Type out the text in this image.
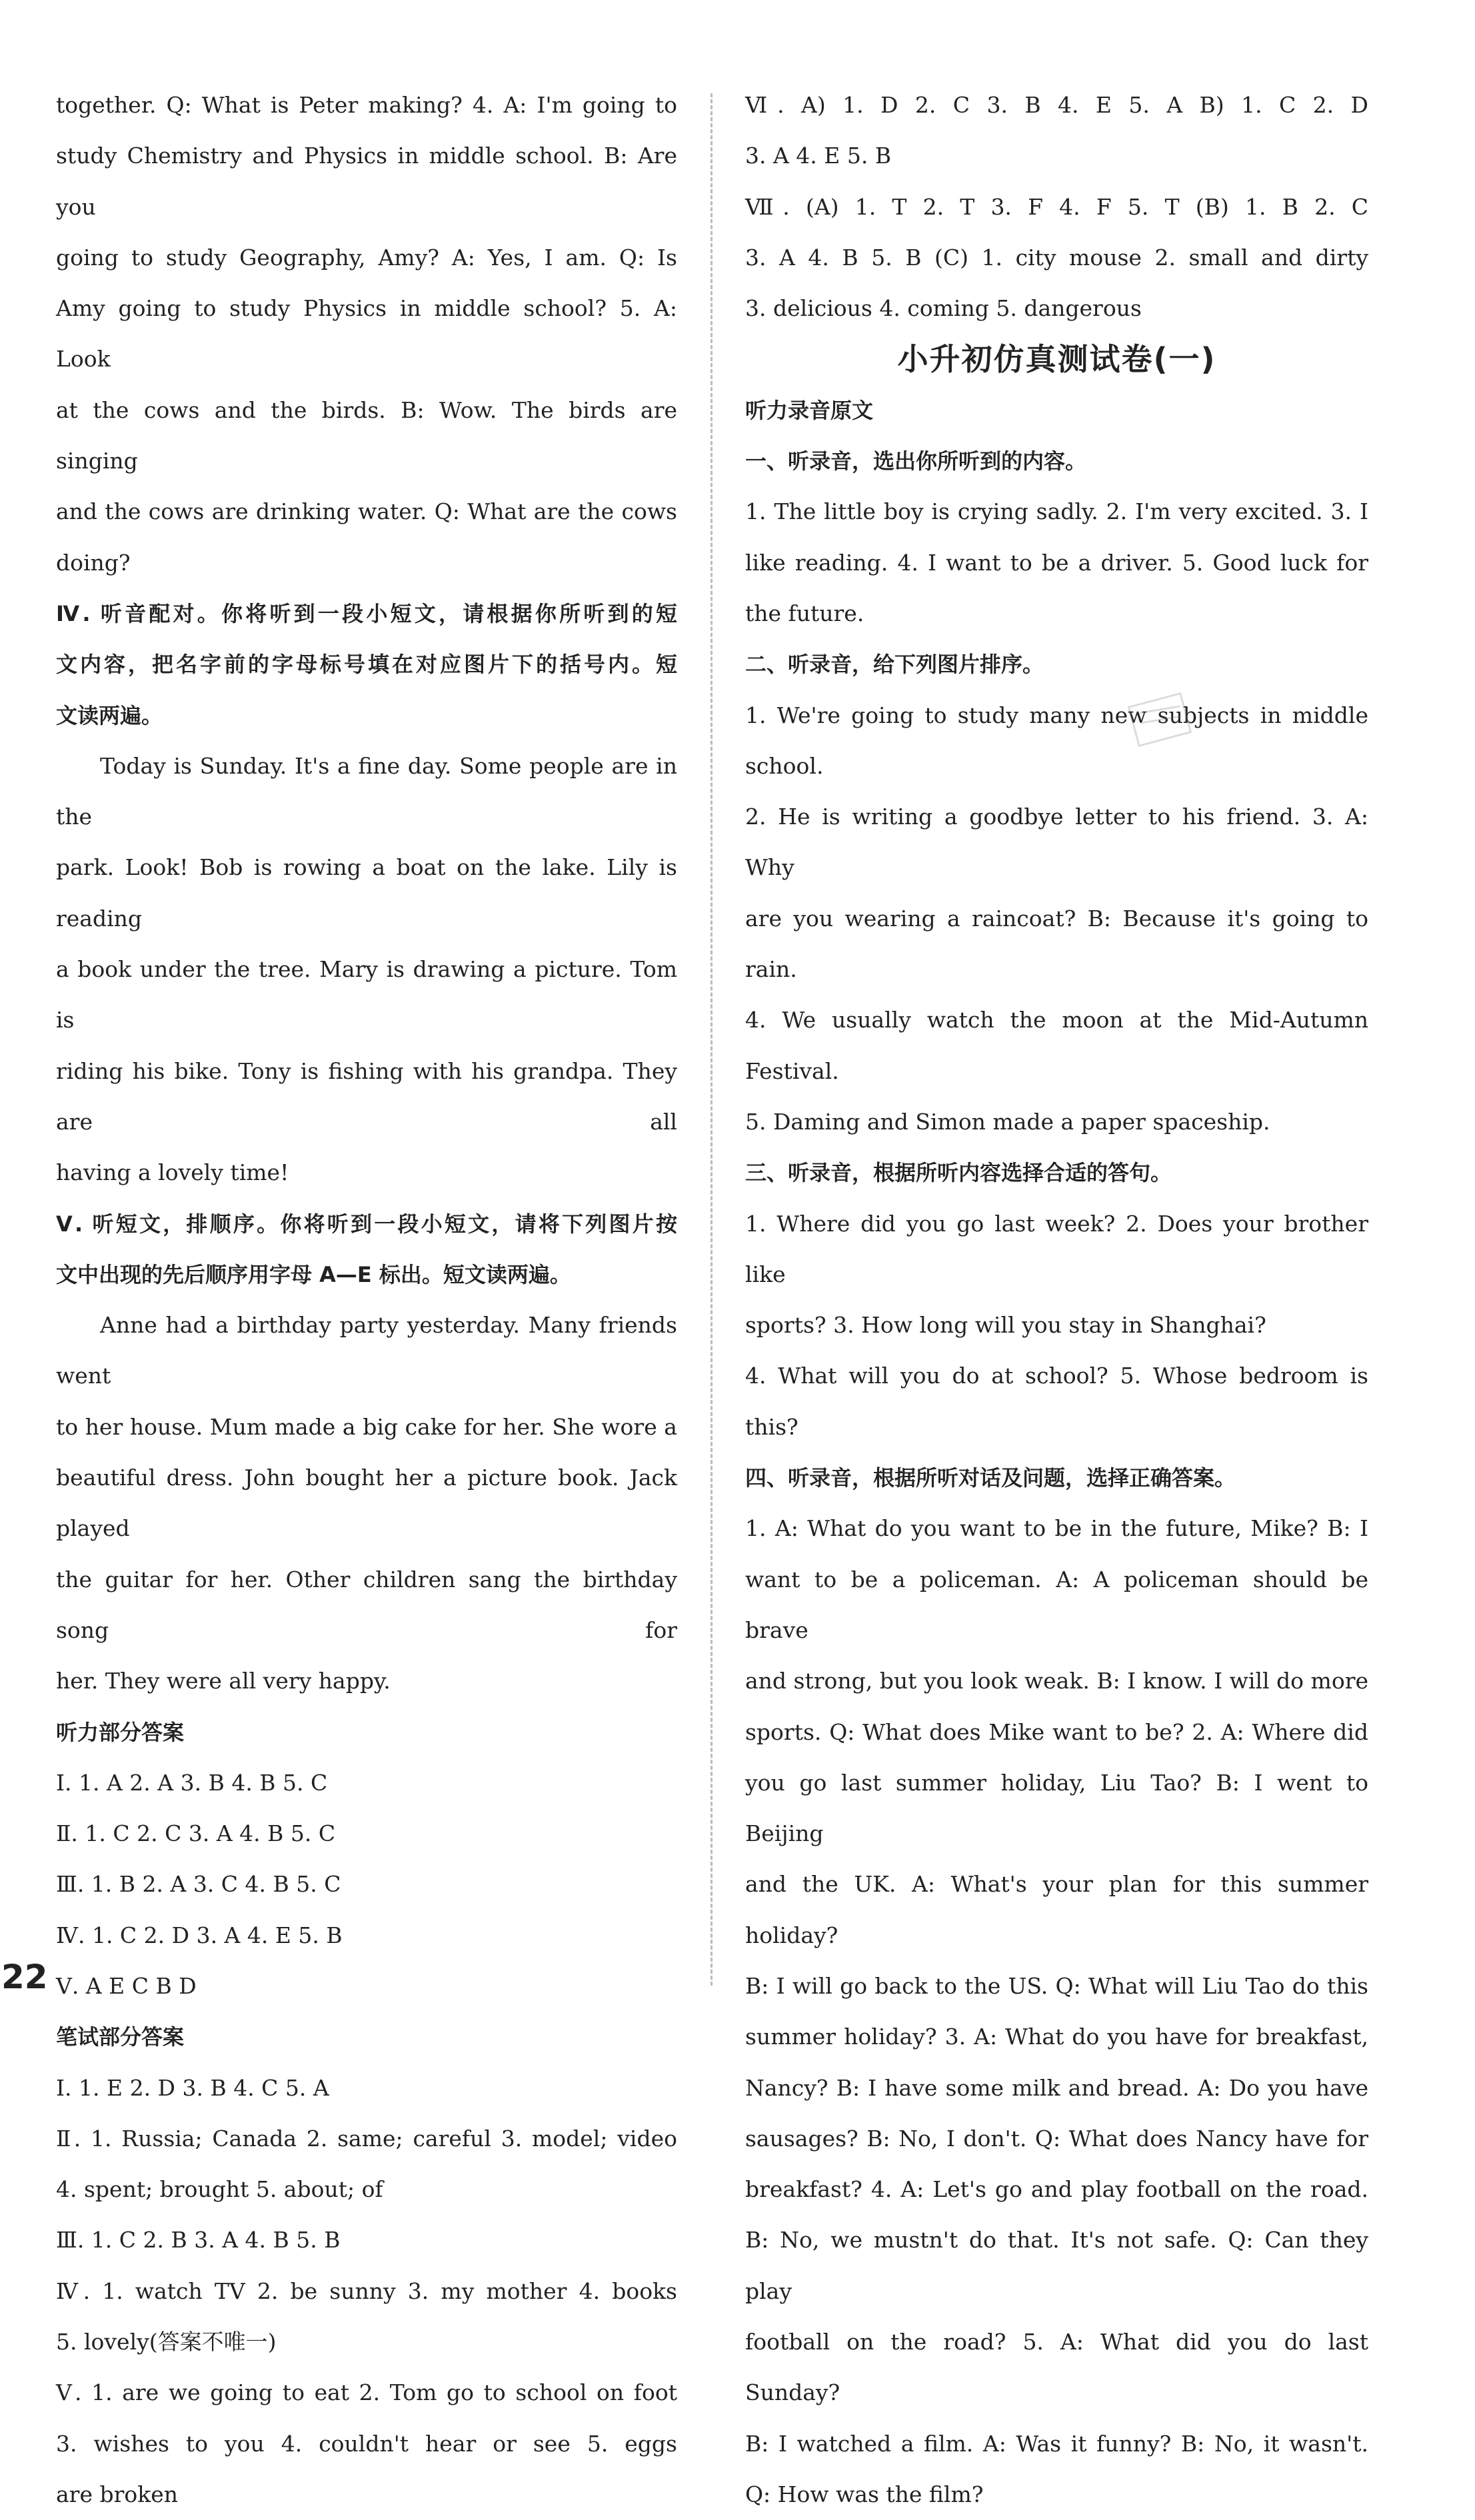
together. Q: What is Peter making? 4. A: I'm going to

study Chemistry and Physics in middle school. B: Are you

going to study Geography, Amy? A: Yes, I am. Q: Is

Amy going to study Physics in middle school? 5. A: Look

at the cows and the birds. B: Wow. The birds are singing

and the cows are drinking water. Q: What are the cows

doing?

Ⅳ. 听音配对。你将听到一段小短文，请根据你所听到的短

文内容，把名字前的字母标号填在对应图片下的括号内。短

文读两遍。

Today is Sunday. It's a fine day. Some people are in the

park. Look! Bob is rowing a boat on the lake. Lily is reading

a book under the tree. Mary is drawing a picture. Tom is

riding his bike. Tony is fishing with his grandpa. They are all

having a lovely time!

Ⅴ. 听短文，排顺序。你将听到一段小短文，请将下列图片按

文中出现的先后顺序用字母 A—E 标出。短文读两遍。

Anne had a birthday party yesterday. Many friends went

to her house. Mum made a big cake for her. She wore a

beautiful dress. John bought her a picture book. Jack played

the guitar for her. Other children sang the birthday song for

her. They were all very happy.

听力部分答案

Ⅰ. 1. A 2. A 3. B 4. B 5. C

Ⅱ. 1. C 2. C 3. A 4. B 5. C

Ⅲ. 1. B 2. A 3. C 4. B 5. C

Ⅳ. 1. C 2. D 3. A 4. E 5. B

Ⅴ. A E C B D

笔试部分答案

Ⅰ. 1. E 2. D 3. B 4. C 5. A

Ⅱ. 1. Russia; Canada 2. same; careful 3. model; video

4. spent; brought 5. about; of

Ⅲ. 1. C 2. B 3. A 4. B 5. B

Ⅳ. 1. watch TV 2. be sunny 3. my mother 4. books

5. lovely(答案不唯一)

Ⅴ. 1. are we going to eat 2. Tom go to school on foot

3. wishes to you 4. couldn't hear or see 5. eggs

are broken

Ⅵ. A) 1. D 2. C 3. B 4. E 5. A B) 1. C 2. D

3. A 4. E 5. B

Ⅶ. (A) 1. T 2. T 3. F 4. F 5. T (B) 1. B 2. C

3. A 4. B 5. B (C) 1. city mouse 2. small and dirty

3. delicious 4. coming 5. dangerous

小升初仿真测试卷(一)

听力录音原文

一、听录音，选出你所听到的内容。

1. The little boy is crying sadly. 2. I'm very excited. 3. I

like reading. 4. I want to be a driver. 5. Good luck for

the future.

二、听录音，给下列图片排序。

1. We're going to study many new subjects in middle school.

2. He is writing a goodbye letter to his friend. 3. A: Why

are you wearing a raincoat? B: Because it's going to rain.

4. We usually watch the moon at the Mid-Autumn Festival.

5. Daming and Simon made a paper spaceship.

三、听录音，根据所听内容选择合适的答句。

1. Where did you go last week? 2. Does your brother like

sports? 3. How long will you stay in Shanghai?

4. What will you do at school? 5. Whose bedroom is this?

四、听录音，根据所听对话及问题，选择正确答案。

1. A: What do you want to be in the future, Mike? B: I

want to be a policeman. A: A policeman should be brave

and strong, but you look weak. B: I know. I will do more

sports. Q: What does Mike want to be? 2. A: Where did

you go last summer holiday, Liu Tao? B: I went to Beijing

and the UK. A: What's your plan for this summer holiday?

B: I will go back to the US. Q: What will Liu Tao do this

summer holiday? 3. A: What do you have for breakfast,

Nancy? B: I have some milk and bread. A: Do you have

sausages? B: No, I don't. Q: What does Nancy have for

breakfast? 4. A: Let's go and play football on the road.

B: No, we mustn't do that. It's not safe. Q: Can they play

football on the road? 5. A: What did you do last Sunday?

B: I watched a film. A: Was it funny? B: No, it wasn't.

Q: How was the film?

22
